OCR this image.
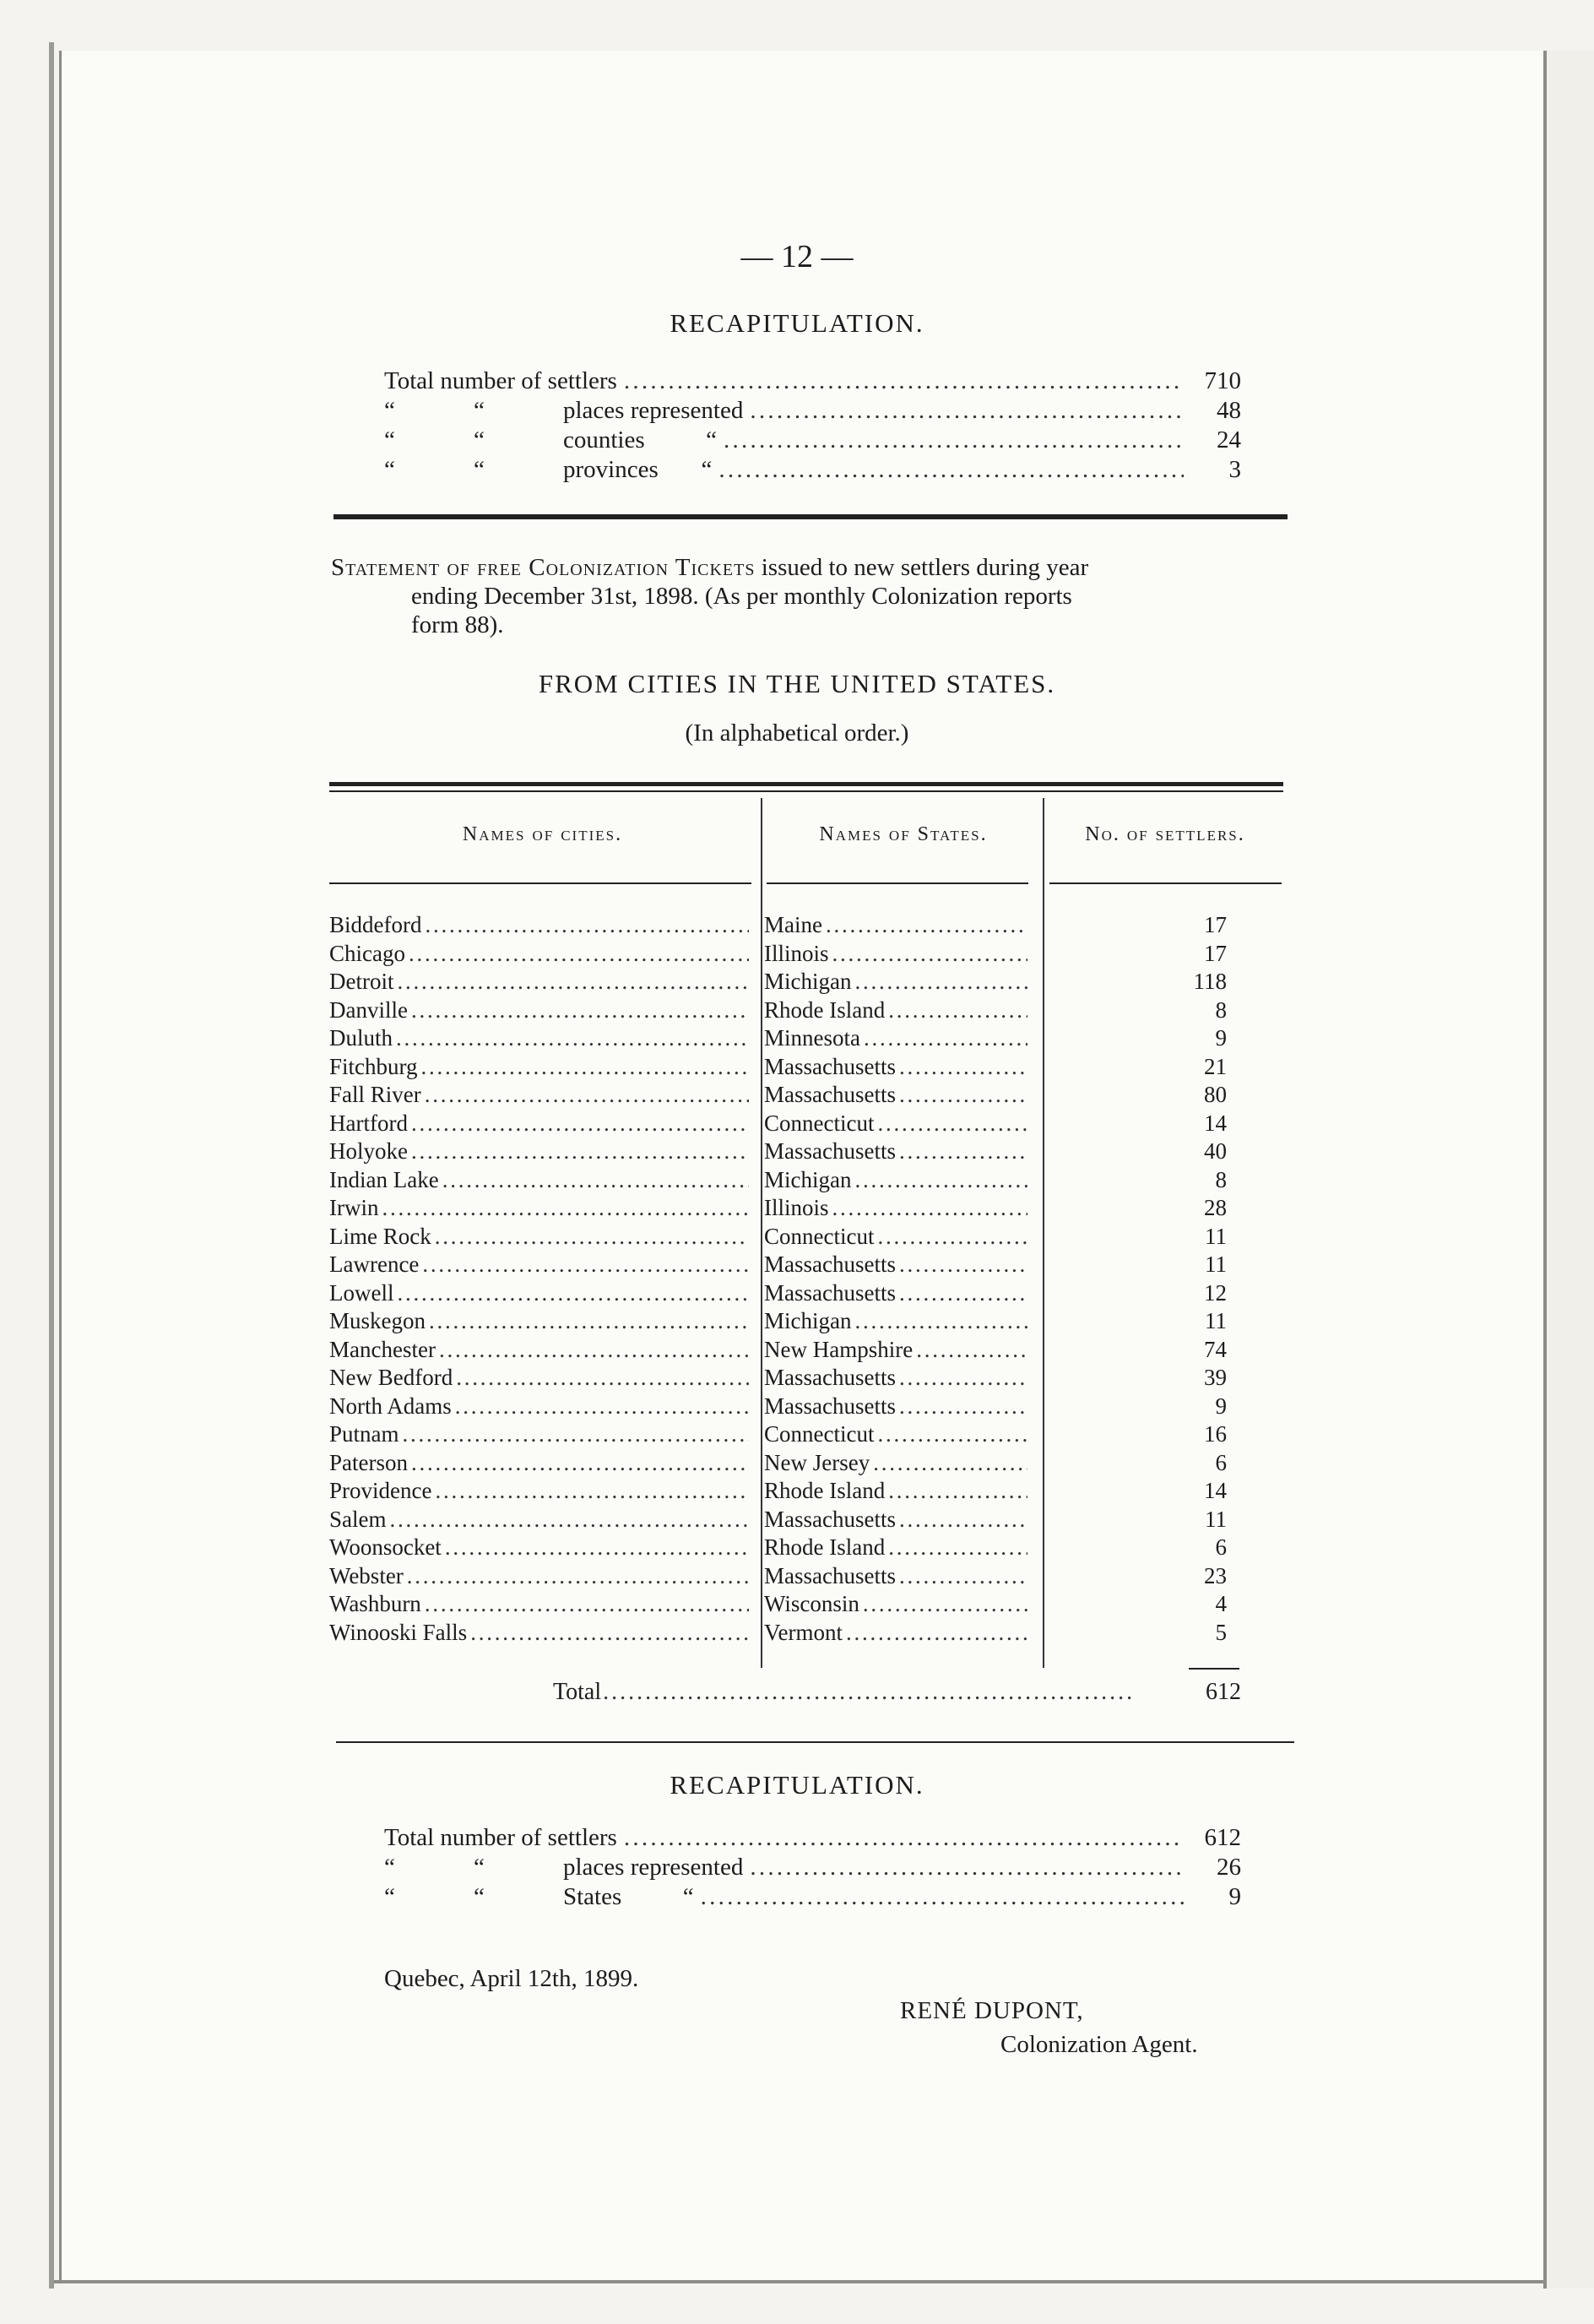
— 12 —
RECAPITULATION.
Total number of settlers . . .	710
“	“	places represented . . .	48
“	“	counties          “ . . .	24
“	“	provinces       “ . . .	3
Statement of free Colonization Tickets issued to new settlers during year
ending December 31st, 1898. (As per monthly Colonization reports
form 88).
FROM CITIES IN THE UNITED STATES.
(In alphabetical order.)
Names of cities.	Names of States.	No. of settlers.
Biddeford . . .	Maine . . .	17
Chicago . . .	Illinois . . .	17
Detroit . . .	Michigan . . .	118
Danville . . .	Rhode Island . . .	8
Duluth . . .	Minnesota . . .	9
Fitchburg . . .	Massachusetts . . .	21
Fall River . . .	Massachusetts . . .	80
Hartford . . .	Connecticut . . .	14
Holyoke . . .	Massachusetts . . .	40
Indian Lake . . .	Michigan . . .	8
Irwin . . .	Illinois . . .	28
Lime Rock . . .	Connecticut . . .	11
Lawrence . . .	Massachusetts . . .	11
Lowell . . .	Massachusetts . . .	12
Muskegon . . .	Michigan . . .	11
Manchester . . .	New Hampshire . . .	74
New Bedford . . .	Massachusetts . . .	39
North Adams . . .	Massachusetts . . .	9
Putnam . . .	Connecticut . . .	16
Paterson . . .	New Jersey . . .	6
Providence . . .	Rhode Island . . .	14
Salem . . .	Massachusetts . . .	11
Woonsocket . . .	Rhode Island . . .	6
Webster . . .	Massachusetts . . .	23
Washburn . . .	Wisconsin . . .	4
Winooski Falls . . .	Vermont . . .	5
Total . . .	612
RECAPITULATION.
Total number of settlers . . .	612
“	“	places represented . . .	26
“	“	States          “ . . .	9
Quebec, April 12th, 1899.
RENÉ DUPONT,
Colonization Agent.
